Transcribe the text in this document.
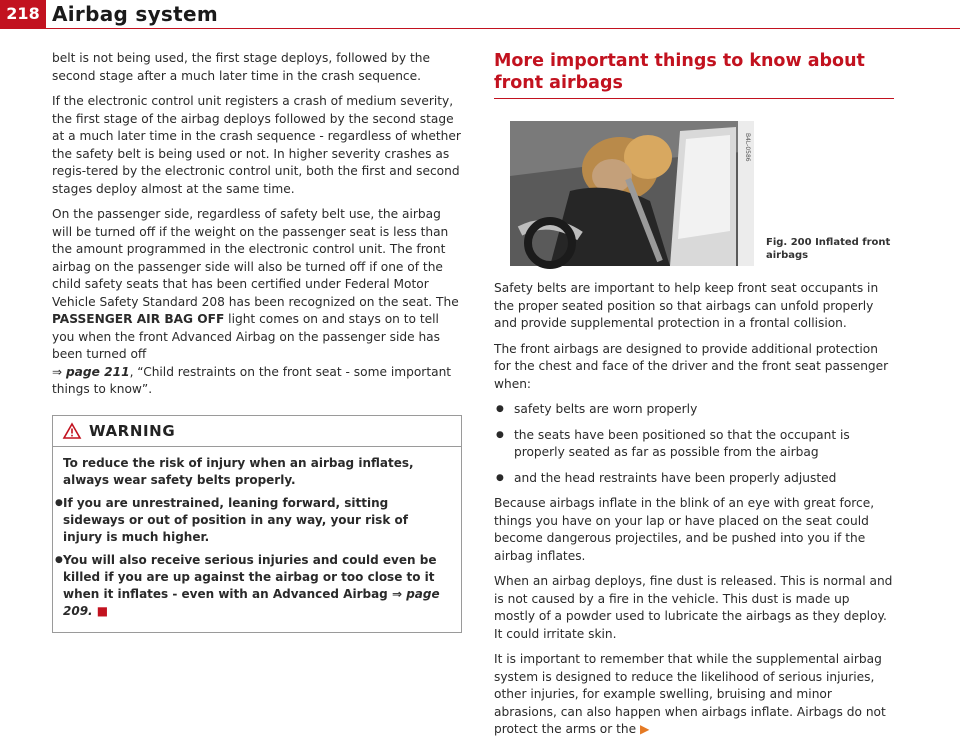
218 Airbag system

belt is not being used, the first stage deploys, followed by the second stage after a much later time in the crash sequence.

If the electronic control unit registers a crash of medium severity, the first stage of the airbag deploys followed by the second stage at a much later time in the crash sequence - regardless of whether the safety belt is being used or not. In higher severity crashes as regis-tered by the electronic control unit, both the first and second stages deploy almost at the same time.

On the passenger side, regardless of safety belt use, the airbag will be turned off if the weight on the passenger seat is less than the amount programmed in the electronic control unit. The front airbag on the passenger side will also be turned off if one of the child safety seats that has been certified under Federal Motor Vehicle Safety Standard 208 has been recognized on the seat. The PASSENGER AIR BAG OFF light comes on and stays on to tell you when the front Advanced Airbag on the passenger side has been turned off
⇒ page 211, “Child restraints on the front seat - some important things to know”.

WARNING

To reduce the risk of injury when an airbag inflates, always wear safety belts properly.

● If you are unrestrained, leaning forward, sitting sideways or out of position in any way, your risk of injury is much higher.

● You will also receive serious injuries and could even be killed if you are up against the airbag or too close to it when it inflates - even with an Advanced Airbag ⇒ page 209. ■

More important things to know about front airbags
B4L-0586
Fig. 200 Inflated front airbags

Safety belts are important to help keep front seat occupants in the proper seated position so that airbags can unfold properly and provide supplemental protection in a frontal collision.

The front airbags are designed to provide additional protection for the chest and face of the driver and the front seat passenger when:

● safety belts are worn properly

● the seats have been positioned so that the occupant is properly seated as far as possible from the airbag

● and the head restraints have been properly adjusted

Because airbags inflate in the blink of an eye with great force, things you have on your lap or have placed on the seat could become dangerous projectiles, and be pushed into you if the airbag inflates.

When an airbag deploys, fine dust is released. This is normal and is not caused by a fire in the vehicle. This dust is made up mostly of a powder used to lubricate the airbags as they deploy. It could irritate skin.

It is important to remember that while the supplemental airbag system is designed to reduce the likelihood of serious injuries, other injuries, for example swelling, bruising and minor abrasions, can also happen when airbags inflate. Airbags do not protect the arms or the ▶
